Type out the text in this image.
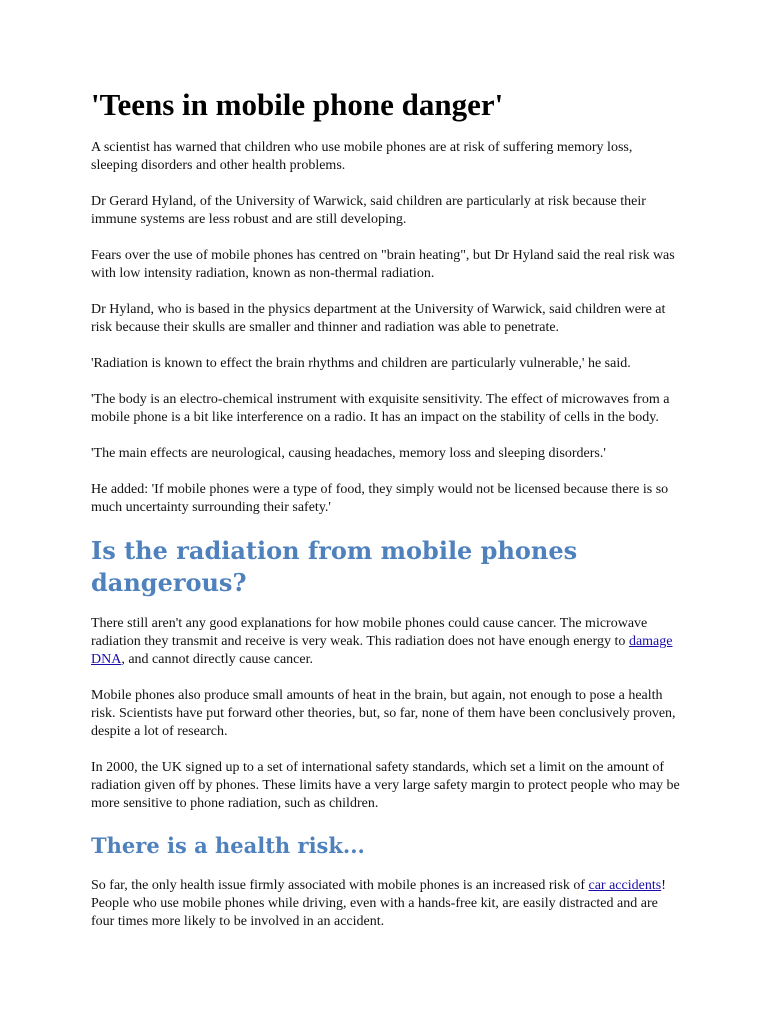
'Teens in mobile phone danger'

A scientist has warned that children who use mobile phones are at risk of suffering memory loss, sleeping disorders and other health problems.

Dr Gerard Hyland, of the University of Warwick, said children are particularly at risk because their immune systems are less robust and are still developing.

Fears over the use of mobile phones has centred on "brain heating", but Dr Hyland said the real risk was with low intensity radiation, known as non-thermal radiation.

Dr Hyland, who is based in the physics department at the University of Warwick, said children were at risk because their skulls are smaller and thinner and radiation was able to penetrate.

'Radiation is known to effect the brain rhythms and children are particularly vulnerable,' he said.

'The body is an electro-chemical instrument with exquisite sensitivity. The effect of microwaves from a mobile phone is a bit like interference on a radio. It has an impact on the stability of cells in the body.

'The main effects are neurological, causing headaches, memory loss and sleeping disorders.'

He added: 'If mobile phones were a type of food, they simply would not be licensed because there is so much uncertainty surrounding their safety.'

Is the radiation from mobile phones dangerous?

There still aren't any good explanations for how mobile phones could cause cancer. The microwave radiation they transmit and receive is very weak. This radiation does not have enough energy to damage DNA, and cannot directly cause cancer.

Mobile phones also produce small amounts of heat in the brain, but again, not enough to pose a health risk. Scientists have put forward other theories, but, so far, none of them have been conclusively proven, despite a lot of research.

In 2000, the UK signed up to a set of international safety standards, which set a limit on the amount of radiation given off by phones. These limits have a very large safety margin to protect people who may be more sensitive to phone radiation, such as children.

There is a health risk...

So far, the only health issue firmly associated with mobile phones is an increased risk of car accidents! People who use mobile phones while driving, even with a hands-free kit, are easily distracted and are four times more likely to be involved in an accident.
